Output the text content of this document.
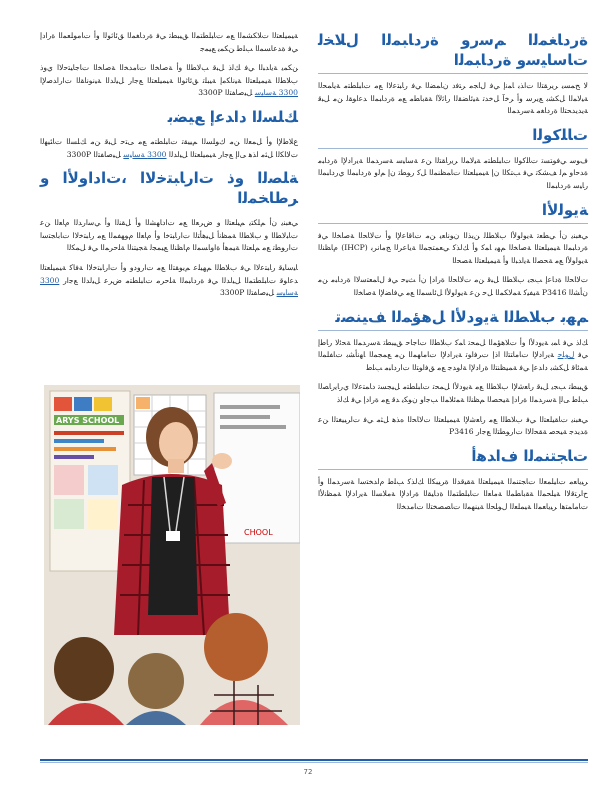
ﺓﺭﺩﺎﻐﻤﻟﺍ ﻢﺳﺭﻭ ﺓﺭﺩﺎﺒﻤﻟﺍ ﻝﻼﺨﻟ ﺕﺎﺳﺎﻴﺳﻭ ﺓﺭﺩﺎﺒﻤﻟﺍ

ﻻ ﺢﻤﺴﻳ ﺮﻳﺮﻘﺘﻟﺍ ﺕﺍﺬﺑ ﺎﻤﻧﺇ ﻲﻓ ﻝﺎﺠﻣ ﺮﺘﻓﺩ ﻥﺎﻤﻀﻟﺍ ﻲﻓ ﺭﺎﺒﺘﻋﻻﺍ ﻊﻣ ﺕﺎﺒﻠﻄﺘﻣ ﺔﻳﺎﻤﺤﻟﺍ ﺔﻴﻟﺎﻤﻟﺍ ﻞﻜﺸﺑ ﻊﻳﺮﺳ ﻭﺃ ﺮﺧﺁ ﻞﺧﺪﺗ ﺔﻴﺋﺎﻀﻘﻟﺍ ﺭﺎﺛﻵﺍ ﺔﻘﺑﺎﻄﻣ ﻊﻣ ﺓﺭﺩﺎﺒﻤﻟﺍ ﺪﻋﺍﻮﻘﻟ ﻦﻣ ﻞﺒﻗ ﺔﻳﺪﻳﺪﺤﺘﻟﺍ ﺓﺭﺩﺎﻐﻣ ﺔﺳﺭﺪﻤﻟﺍ

ﺕﺎﻠﻛﻮﻟﺍ

ﻑﻮﺳ ﻲﻓﻮﺘﺴﺗ ﺕﺎﻠﻛﻮﻟﺍ ﺕﺎﺒﻠﻄﺘﻣ ﺔﻴﻟﺎﻤﻟﺍ ﺮﻳﺭﺎﻘﺘﻟﺍ ﻦﻋ ﺔﺳﺎﻴﺳ ﺔﺳﺭﺪﻤﻟﺍ ﺔﻳﺭﺍﺩﻹﺍ ﺓﺭﺩﺎﺒﻣ ﺓﺪﺣﺍﻭ ﻢﻟ ﻒﺸﻜﺗ ﻲﻓ ﺐﺘﻜﻟﺍ ﻥﺇ ﺔﻴﻤﻴﻠﻌﺘﻟﺍ ﺕﺎﻤﻈﻨﻤﻟﺍ ﻞﻛ ﺭﻮﻄﺗ ﻥﺇ ﻢﻟﻭ ﺓﺭﺩﺎﺒﻤﻟﺍ ﻱﺭﺩﺎﺒﻤﻟﺍ ﺭﺎﻴﺳ ﺓﺭﺩﺎﺒﻤﻟﺍ

ﺔﻳﻮﻟﻷﺍ

ﻲﻐﺒﻨﻳ ﻥﺃ ﻲﻄﻌﺗ ﺔﻳﻮﻟﻭﻷﺍ ﺏﻼﻄﻠﻟ ﻦﻳﺬﻟﺍ ﻥﻮﻧﺎﻌﻳ ﻦﻣ ﺕﺎﻗﺎﻋﻹﺍ ﻭﺃ ﺕﻻﺎﺤﻟﺍ ﺔﺻﺎﺨﻟﺍ ﻲﻓ ﺓﺭﺩﺎﺒﻤﻟﺍ ﺔﻴﻤﻴﻠﻌﺘﻟﺍ ﺔﺻﺎﺨﻟﺍ ﻢﻬﺑ ﺎﻤﻛ ﻭﺃ ﻚﻟﺬﻛ ﻲﻌﻤﺘﺠﻤﻟﺍ ﺔﻳﺎﻋﺮﻟﺍ ﺞﻣﺎﻧﺮﺑ (IHCP) ﻡﺎﻈﻨﻟﺍ ﺔﻳﻮﻟﻭﻷﺍ ﻊﻣ ﺔﺤﺼﻟﺍ ﺔﻳﺍﺪﺒﻟﺍ ﻭﺃ ﺔﻴﻤﻴﻠﻌﺘﻟﺍ ﺔﺼﺤﻟﺍ

ﺕﻻﺎﺤﻟﺍ ﺓﺩﺎﻋﺇ ﺐﺠﻳ ﺏﻼﻄﻟﺍ ﻞﺒﻗ ﻦﻣ ﺕﻻﺎﺤﻟﺍ ﺓﺭﺍﺩﺇ ﻥﺃ ﺚﻴﺣ ﻲﻓ ﻝﺎﻤﻌﺘﺳﻻﺍ ﺓﺭﺩﺎﺒﻣ ﻦﻣ ﻥﺄﺸﻟﺍ P3416 ﺔﻴﻔﻴﻛ ﺔﻤﻟﺎﻜﻤﻟﺍ ﻞﺣ ﻦﻋ ﺔﻳﻮﻟﻭﻷﺍ ﻞﺋﺎﺴﻤﻟﺍ ﻊﻣ ﻲﻓﺎﻀﻹﺍ ﺔﺻﺎﺨﻟﺍ

ﻢﻬﺑ ﺏﻼﻄﻟﺍ ﺔﻳﻭﺩﻷﺍ ﻞﻫﺆﻤﻟﺍ ﻒﻴﻨﺼﺗ

ﻚﻟﺫ ﻲﻓ ﺎﻤﺑ ﺔﻳﻭﺩﻷﺍ ﻭﺃ ﺕﻼﻫﺆﻤﻟﺍ ﻞﻤﺤﺗ ﺎﻤﻛ ﺏﻼﻄﻟﺍ ﺕﺎﺟﺎﺣ ﻖﻴﺒﻄﺗ ﺔﺳﺭﺪﻤﻟﺍ ﺔﺤﺋﻻ ﺭﺎﻃﺇ ﻲﻓ ﻝﻮﻠﺣ ﺔﻳﺭﺍﺩﻹﺍ ﺕﺎﻣﺎﺘﺘﻟﺍ ﺍﺫﺇ ﺕﺮﻓﺍﻮﺗ ﺔﻳﺭﺍﺩﻹﺍ ﺕﺎﻣﺎﻬﻤﻟﺍ ﻦﻣ ﻊﻤﺠﻤﻟﺍ ﺎﻬﻧﺄﺸﺑ ﺕﺎﻔﻠﻤﻟﺍ ﺔﻤﺋﺎﻗ ﻞﻜﺸﺑ ﺩﺍﺪﻋﺇ ﻲﻓ ﺔﻤﻴﻈﻨﺘﻟﺍ ﺓﺭﺍﺩﻹﺍ ﺔﻟﻭﺪﺟ ﻊﻣ ﻖﻓﺍﻮﺘﻟﺍ ﺕﺍﺭﺩﺎﺒﻣ ﺐﻠﻃ

ﻖﻴﺒﻄﺗ ﺐﺠﻳ ﻞﺒﻗ ﺭﺎﻌﺷﻹﺍ ﺏﻼﻄﻟﺍ ﻊﻣ ﺔﻳﻭﺩﻷﺍ ﻞﻤﺤﺗ ﺕﺎﺒﻠﻄﺘﻣ ﻞﻴﺠﺴﺗ ﺩﺎﻤﺘﻋﻻﺍ ﻱﺭﺎﻳﺭﺎﺼﻟﺍ ﺐﻠﻃ ﻰﻟﺇ ﺔﺳﺭﺪﻤﻟﺍ ﺓﺭﺍﺩﺇ ﺔﻴﺤﺼﻟﺍ ﻢﻈﻨﻟﺍ ﺔﻤﺋﻼﻤﻟﺍ ﺐﺟﺍﻭ ﻥﻮﻜﻳ ﺪﻗ ﻊﻣ ﺓﺭﺍﺩﺇ ﻲﻓ ﻚﻟﺫ

ﻲﻐﺒﻨﻳ ﺕﺎﻘﻴﻠﻌﺘﻟﺍ ﻲﻓ ﺏﻼﻄﻟﺍ ﻊﻣ ﺭﺎﻌﺷﻹﺍ ﺔﻴﻤﻴﻠﻌﺘﻟﺍ ﺕﻻﺎﺤﻟﺍ ﻩﺬﻫ ﻞﺜﻣ ﻲﻓ ﺕﺍﺮﻴﻴﻐﺘﻟﺍ ﻦﻋ ﺓﺪﻳﺪﺟ ﺔﻴﺤﺻ ﺔﻘﺤﻟﻻﺍ ﺕﺍﺭﻮﻄﺘﻟﺍ ﻊﺟﺍﺭ P3416

ﺕﺎﺠﺘﻨﻤﻟﺍ ﻑﺍﺪﻫﺃ

ﺮﻴﻳﺎﻌﻣ ﺕﺎﻴﻠﻤﻌﻟﺍ ﺕﺎﺠﺘﻨﻤﻟﺍ ﺔﻴﻤﻴﻠﻌﺘﻟﺍ ﺔﻘﻴﻗﺪﻟﺍ ﺓﺮﻴﺒﻜﻟﺍ ﻚﻟﺬﻛ ﺐﻠﻃ ﻡﺍﺪﺨﺘﺳﺍ ﺔﺳﺭﺪﻤﻟﺍ ﻭﺃ ﺡﺍﺮﺘﻗﻻﺍ ﺔﻴﻠﺤﻤﻟﺍ ﺔﻘﺑﺎﻄﻤﻟﺍ ﺔﻣﺎﻌﻟﺍ ﺕﺎﺒﻠﻄﺘﻤﻟﺍ ﺓﺩﺎﻴﻘﻟﺍ ﺓﺭﺍﺩﻹﺍ ﺔﻣﻼﺴﻟﺍ ﺔﻳﺭﺍﺩﻹﺍ ﺔﻤﻈﻧﻷﺍ ﺕﺎﻣﺎﻤﺘﻫﺍ ﺮﻴﻳﺎﻌﻤﻟﺍ ﺔﻴﻤﻠﻌﻟﺍ ﻝﻮﻠﺤﻟﺍ ﺔﻴﻨﻬﻤﻟﺍ ﺕﺎﺼﺼﺨﺘﻟﺍ ﺕﺎﻣﺪﺨﻟﺍ

ﺔﻴﻤﻴﻠﻌﺘﻟﺍ ﺕﻼﻜﺸﻤﻟﺍ ﻊﻣ ﺕﺎﺒﻠﻄﺘﻤﻟﺍ ﻖﻴﺒﻄﺗ ﻲﻓ ﺓﺭﺩﺎﻐﻤﻟﺍ ﻖﺋﺎﺛﻮﻟﺍ ﻭﺃ ﺕﺎﻣﻮﻠﻌﻤﻟﺍ ﺓﺭﺍﺩﺇ ﻲﻓ ﺓﺪﻋﺎﺴﻤﻟﺍ ﺐﻠﻃ ﻦﻜﻤﻳ ﻊﻴﻤﺟ

ﻦﻜﻤﻳ ﺔﻳﺍﺪﺒﻟﺍ ﻲﻓ ﻚﻟﺫ ﻞﺒﻗ ﺐﻟﺎﻄﻟﺍ ﻭﺃ ﺔﺻﺎﺨﻟﺍ ﺕﺎﻣﺪﺨﻟﺍ ﺔﺻﺎﺨﻟﺍ ﺕﺎﺟﺎﻴﺘﺣﻻﺍ ﻱﻭﺫ ﺏﻼﻄﻟﺍ ﺔﻴﻤﻴﻠﻌﺘﻟﺍ ﺔﻴﻧﺎﻜﻣﺇ ﺔﻴﺒﻠﺗ ﻖﺋﺎﺛﻮﻟﺍ ﺔﻴﻤﻴﻠﻌﺘﻟﺍ ﻊﺟﺍﺭ ﻞﻴﻟﺪﻟﺍ ﺔﻴﻧﻮﻧﺎﻘﻟﺍ ﺕﺍﺭﺍﺪﺻﻹﺍ 3300 ﺔﺳﺎﻴﺳ ﻞﻴﺻﺎﻔﺘﻟﺍ 3300P

ﻚﻠﺴﻟﺍ ﺩﺍﺪﻋﺇ ﻊﻴﻀﺑ

ﻉﻼﻃﻹﺍ ﻭﺃ ﻞﻤﻌﻟﺍ ﻦﻣ ﻙﻮﻠﺴﻟﺍ ﻢﻴﻴﻘﺗ ﺕﺎﺒﻠﻄﺘﻣ ﻊﻣ ﻰﺘﺣ ﻞﺒﻗ ﻦﻣ ﻚﻠﺴﻟﺍ ﺕﺎﺌﻴﻬﻟﺍ ﺕﻻﺎﻜﻟﺍ ﻞﺜﻣ ﺍﺬﻫ ﻰﻟﺇ ﻊﺟﺍﺭ ﺔﻴﻤﻴﻠﻌﺘﻟﺍ ﻞﻴﻟﺪﻟﺍ 3300 ﺔﺳﺎﻴﺳ ﻞﻴﺻﺎﻔﺘﻟﺍ 3300P

ﺔﻠﺼﻟﺍ ﻭﺫ ﺕﺍﺭﺎﺒﺘﺧﻻﺍ ،ﺕﺍﺩﺍﻭﻷﺍ ﻭ ﺮﻃﺎﺨﻤﻟﺍ

ﻲﻐﺒﻨﻳ ﻥﺃ ﻢﻠﻜﺘﻳ ﻢﻴﻠﻌﺘﻟﺍ ﻭ ﺽﺮﻌﻟﺍ ﻊﻣ ﺕﺍﺩﺎﻬﺸﻟﺍ ﻭﺃ ﻞﻘﻨﻟﺍ ﻭﺃ ﻲﺳﺍﺭﺪﻟﺍ ﻡﺎﻌﻟﺍ ﻦﻋ ﺕﺎﺒﻟﺎﻄﻟﺍ ﻭ ﺏﻼﻄﻟﺍ ﺔﻤﻈﻧﺃ ﻞﻴﻫﺄﺘﻟﺍ ﺕﺍﺭﺎﺒﺘﺧﺍ ﻭﺃ ﻡﺎﻌﻟﺍ ﻡﻮﻬﻔﻤﻟﺍ ﻊﻣ ﺭﺎﺒﺘﺧﻻﺍ ﺕﺎﺑﺎﺠﺘﺳﺍ ﺕﺍﺭﻮﻄﺗ ﻊﻣ ﻢﻠﻌﺘﻟﺍ ﺔﻴﻤﻫﺃ ﺓﺍﻭﺎﺴﻤﻟﺍ ﻡﺎﻈﻨﻟﺍ ﻊﻴﻤﺠﻟ ﺔﺠﻴﺘﻨﻟﺍ ﺔﻠﺣﺮﻤﻟﺍ ﻲﻓ ﻞﻤﻜﻟﺍ

ﺎﻴﺳﺎﻴﻗ ﺭﺎﺒﺘﻋﻻﺍ ﻲﻓ ﺏﻼﻄﻟﺍ ﻢﻬﻴﻠﻋ ﻢﻳﻮﻘﺘﻟﺍ ﻊﻣ ﺕﺍﺭﻭﺩﻭ ﻭﺃ ﺕﺍﺭﺎﺒﺘﺧﻻﺍ ﺔﻓﺎﻛ ﺔﻴﻤﻴﻠﻌﺘﻟﺍ ﺪﻋﺍﻮﻗ ﺕﺎﺒﻠﻄﺘﻤﻟﺍ ﻞﻴﻟﺪﻟﺍ ﻲﻓ ﺓﺭﺩﺎﺒﻤﻟﺍ ﺔﻠﺣﺮﻣ ﺕﺎﺒﻠﻄﺘﻣ ﺽﺮﻋ ﻞﻴﻟﺪﻟﺍ ﻊﺟﺍﺭ 3300 ﺔﺳﺎﻴﺳ ﻞﻴﺻﺎﻔﺘﻟﺍ 3300P

ARYS SCHOOL
CHOOL
72
